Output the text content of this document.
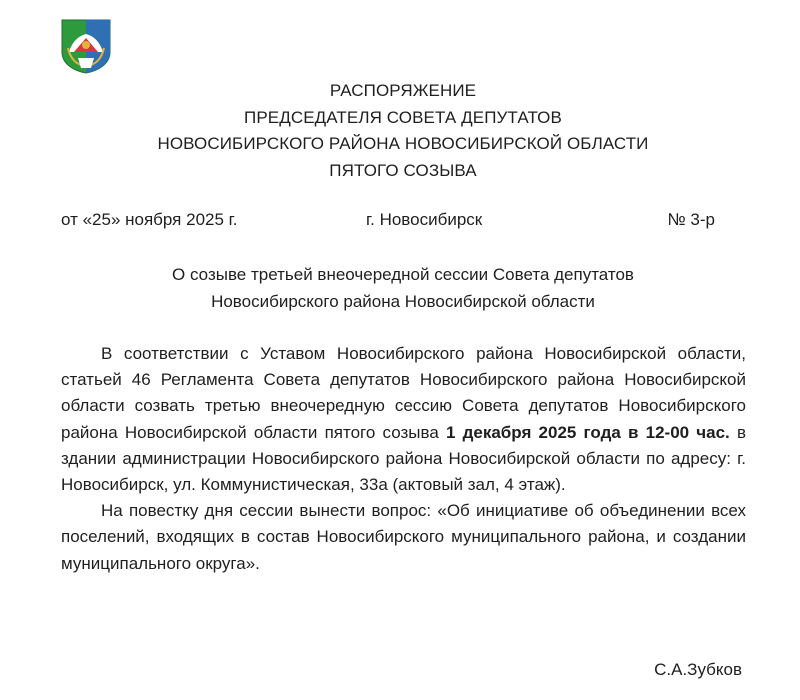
РАСПОРЯЖЕНИЕ
ПРЕДСЕДАТЕЛЯ СОВЕТА ДЕПУТАТОВ
НОВОСИБИРСКОГО РАЙОНА НОВОСИБИРСКОЙ ОБЛАСТИ
ПЯТОГО СОЗЫВА
от «25» ноября 2025 г.	г. Новосибирск	№ 3-р
О созыве третьей внеочередной сессии Совета депутатов
Новосибирского района Новосибирской области

В соответствии с Уставом Новосибирского района Новосибирской области, статьей 46 Регламента Совета депутатов Новосибирского района Новосибирской области созвать третью внеочередную сессию Совета депутатов Новосибирского района Новосибирской области пятого созыва 1 декабря 2025 года в 12-00 час. в здании администрации Новосибирского района Новосибирской области по адресу: г. Новосибирск, ул. Коммунистическая, 33а (актовый зал, 4 этаж).

На повестку дня сессии вынести вопрос: «Об инициативе об объединении всех поселений, входящих в состав Новосибирского муниципального района, и создании муниципального округа».

С.А.Зубков
